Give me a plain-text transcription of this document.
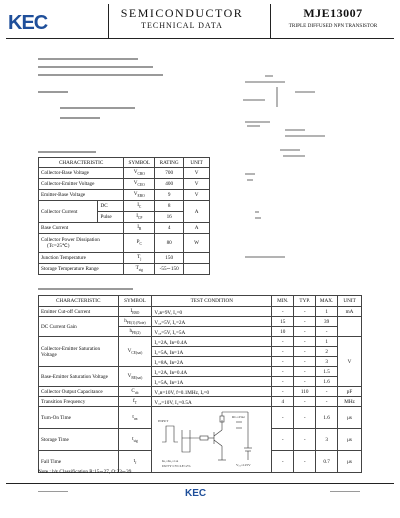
KEC	SEMICONDUCTOR
TECHNICAL DATA
MJE13007
TRIPLE DIFFUSED NPN TRANSISTOR
CHARACTERISTIC		SYMBOL	RATING	UNIT
Collector-Base Voltage		$V_{CBO}$	700	V
Collector-Emitter Voltage		$V_{CEO}$	400	V
Emitter-Base Voltage		$V_{EBO}$	9	V
Collector Current	DC	$I_C$	8	A
	Pulse	$I_{CP}$	16	
Base Current		$I_B$	4	A

Collector Power Dissipation
(Tc=25℃)		$P_C$	80	W
Junction Temperature		$T_j$	150	
Storage Temperature Range		$T_{stg}$	-55∼150	
CHARACTERISTIC	SYMBOL	TEST CONDITION	MIN.	TYP.	MAX.	UNIT
Emitter Cut-off Current	$I_{EBO}$	Vₑʙ=9V, I꜀=0	-	-	1	mA
DC Current Gain	$h_{FE(1) (Note)}$	V꜀ₑ=5V, I꜀=2A	15	-	39	
	$h_{FE(2)}$	V꜀ₑ=5V, I꜀=5A	10	-	-	
Collector-Emitter Saturation Voltage	$V_{CE(sat)}$	I꜀=2A, Iʙ=0.4A	-	-	1	V
		I꜀=5A, Iʙ=1A	-	-	2	
		I꜀=8A, Iʙ=2A	-	-	3	
Base-Emitter Saturation Voltage	$V_{BE(sat)}$	I꜀=2A, Iʙ=0.4A	-	-	1.5	
		I꜀=5A, Iʙ=1A	-	-	1.6	
Collector Output Capacitance	$C_{ob}$	V꜀ʙ=10V, f=0.1MHz, Iₑ=0	-	110	-	pF
Transition Frequency	$f_T$	V꜀ₑ=10V, I꜀=0.5A	4	-	-	MHz
Turn-On Time	$t_{on}$	INPUT
RL=25Ω
V꜀꜀=125V
Iʙ₁=Iʙ₂=1A
DUTY CYCLE≤2%	-	-	1.6	μs
Storage Time	$t_{stg}$		-	-	3	μs
Fall Time	$t_f$		-	-	0.7	μs
Note : hᶠᴇ Classification R:15∼27, O:23∼39
KEC
